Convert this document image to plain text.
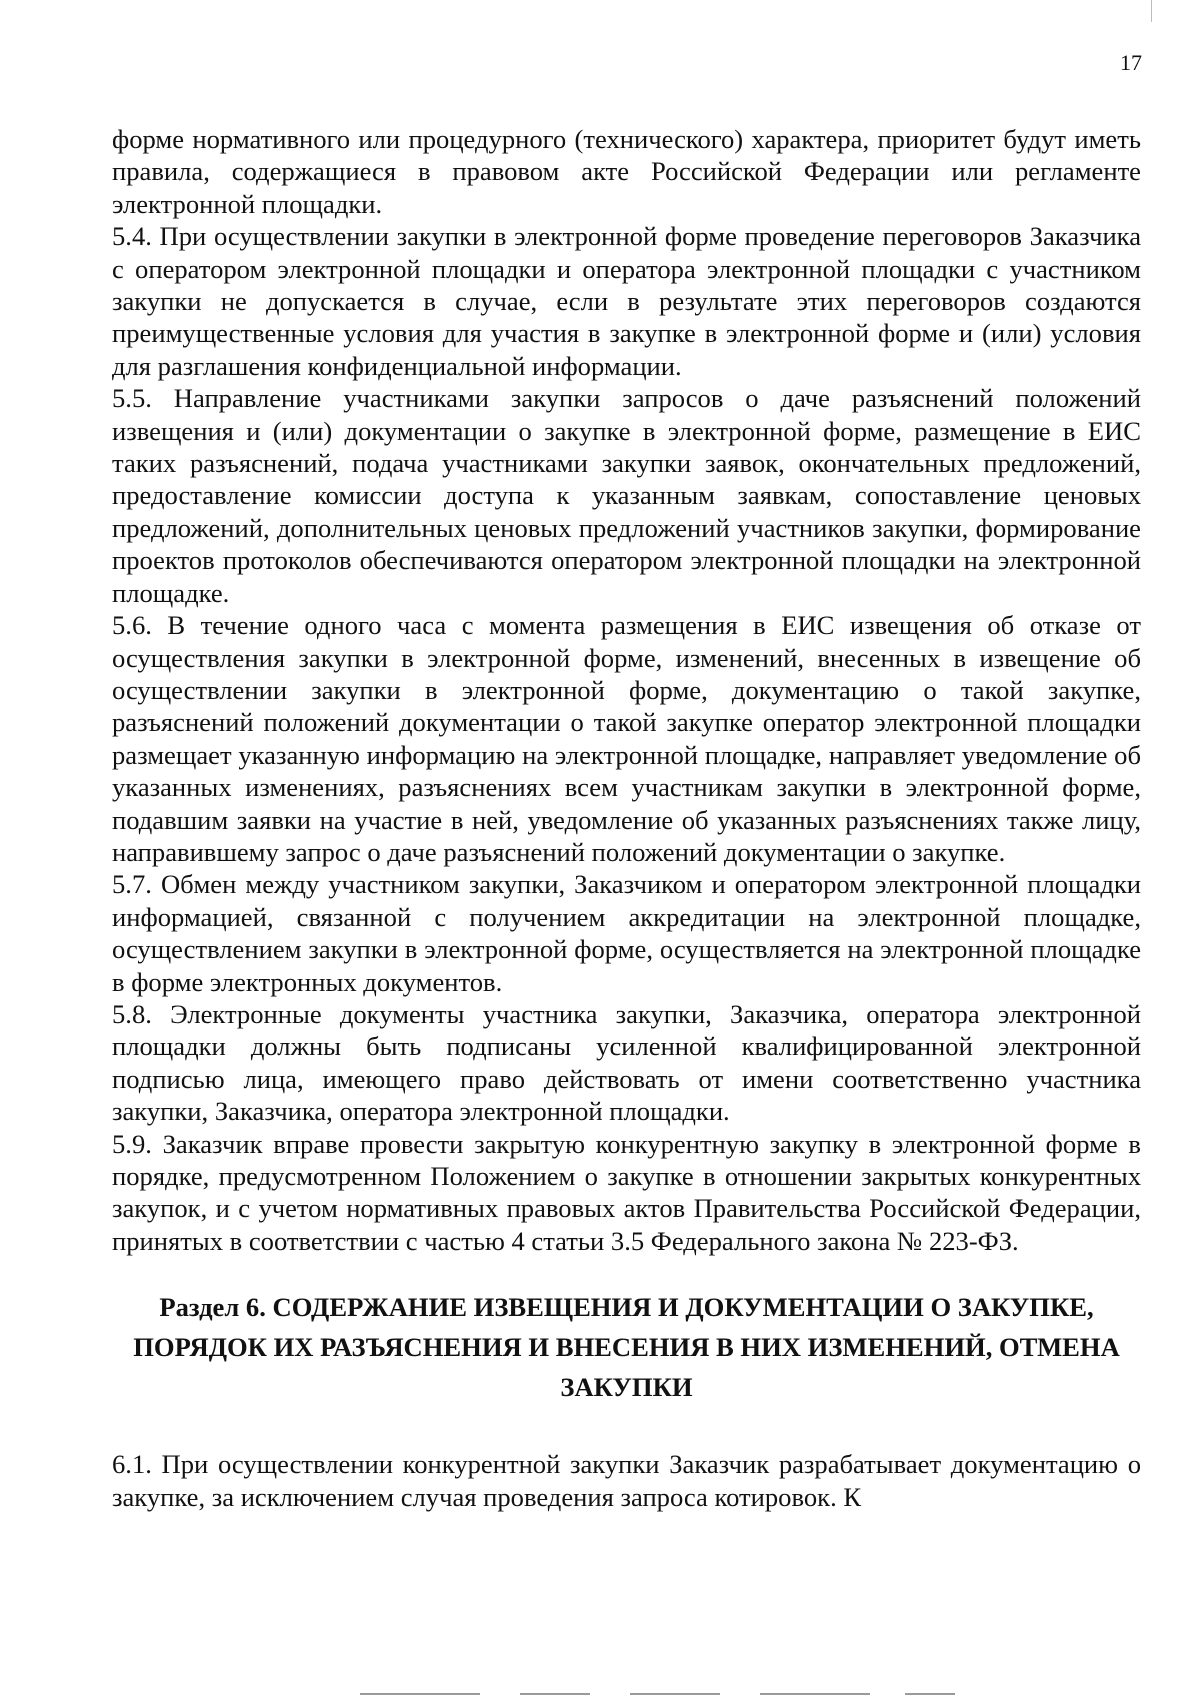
17

форме нормативного или процедурного (технического) характера, приоритет будут иметь правила, содержащиеся в правовом акте Российской Федерации или регламенте электронной площадки.

5.4. При осуществлении закупки в электронной форме проведение переговоров Заказчика с оператором электронной площадки и оператора электронной площадки с участником закупки не допускается в случае, если в результате этих переговоров создаются преимущественные условия для участия в закупке в электронной форме и (или) условия для разглашения конфиденциальной информации.

5.5. Направление участниками закупки запросов о даче разъяснений положений извещения и (или) документации о закупке в электронной форме, размещение в ЕИС таких разъяснений, подача участниками закупки заявок, окончательных предложений, предоставление комиссии доступа к указанным заявкам, сопоставление ценовых предложений, дополнительных ценовых предложений участников закупки, формирование проектов протоколов обеспечиваются оператором электронной площадки на электронной площадке.

5.6. В течение одного часа с момента размещения в ЕИС извещения об отказе от осуществления закупки в электронной форме, изменений, внесенных в извещение об осуществлении закупки в электронной форме, документацию о такой закупке, разъяснений положений документации о такой закупке оператор электронной площадки размещает указанную информацию на электронной площадке, направляет уведомление об указанных изменениях, разъяснениях всем участникам закупки в электронной форме, подавшим заявки на участие в ней, уведомление об указанных разъяснениях также лицу, направившему запрос о даче разъяснений положений документации о закупке.

5.7. Обмен между участником закупки, Заказчиком и оператором электронной площадки информацией, связанной с получением аккредитации на электронной площадке, осуществлением закупки в электронной форме, осуществляется на электронной площадке в форме электронных документов.

5.8. Электронные документы участника закупки, Заказчика, оператора электронной площадки должны быть подписаны усиленной квалифицированной электронной подписью лица, имеющего право действовать от имени соответственно участника закупки, Заказчика, оператора электронной площадки.

5.9. Заказчик вправе провести закрытую конкурентную закупку в электронной форме в порядке, предусмотренном Положением о закупке в отношении закрытых конкурентных закупок, и с учетом нормативных правовых актов Правительства Российской Федерации, принятых в соответствии с частью 4 статьи 3.5 Федерального закона № 223-ФЗ.

Раздел 6. СОДЕРЖАНИЕ ИЗВЕЩЕНИЯ И ДОКУМЕНТАЦИИ О ЗАКУПКЕ,
ПОРЯДОК ИХ РАЗЪЯСНЕНИЯ И ВНЕСЕНИЯ В НИХ ИЗМЕНЕНИЙ, ОТМЕНА
ЗАКУПКИ

6.1. При осуществлении конкурентной закупки Заказчик разрабатывает документацию о закупке, за исключением случая проведения запроса котировок. К
